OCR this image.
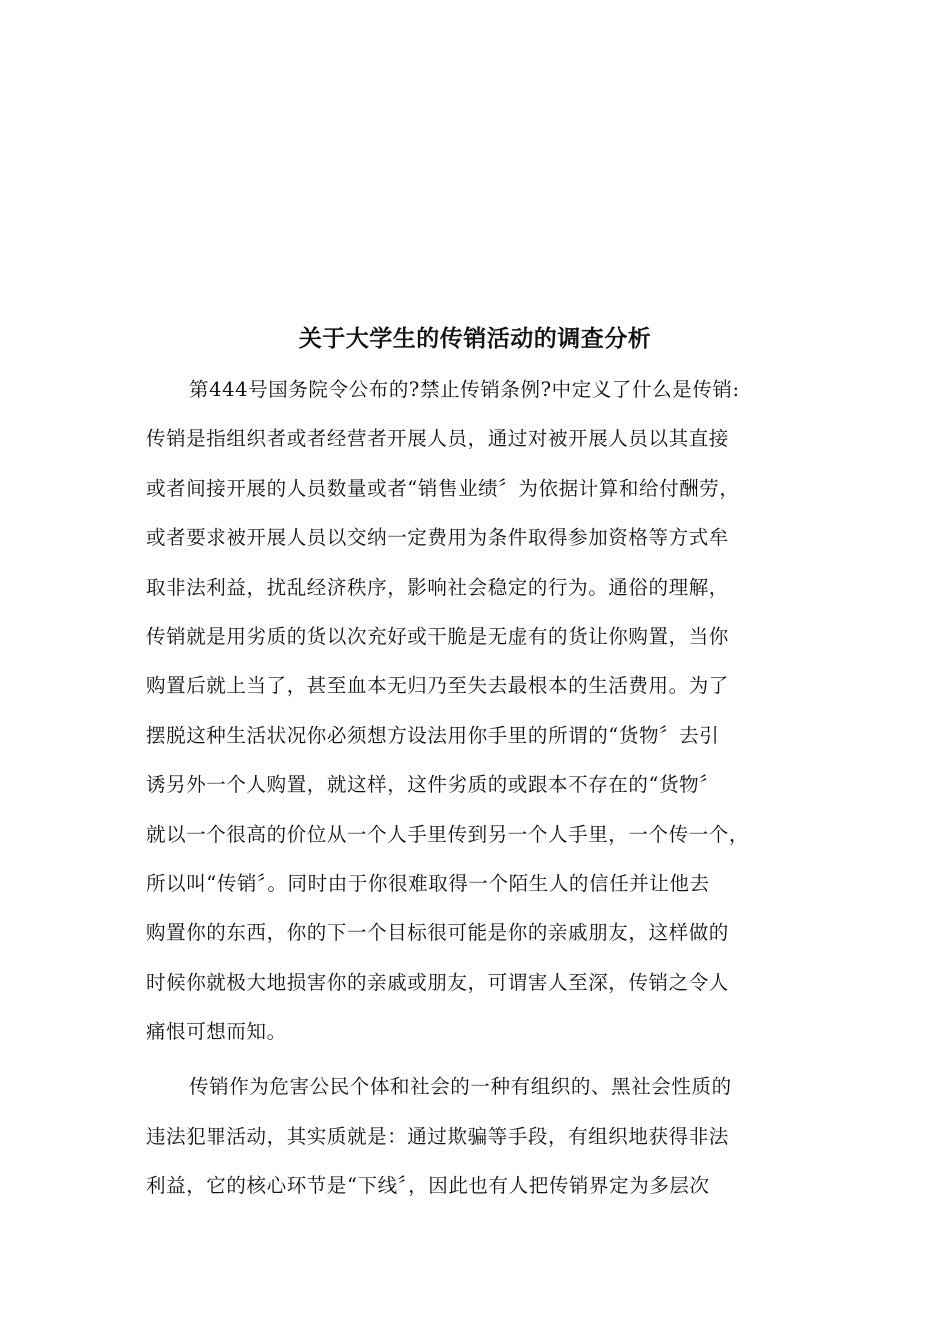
关于大学生的传销活动的调查分析
第444号国务院令公布的?禁止传销条例?中定义了什么是传销:
传销是指组织者或者经营者开展人员，通过对被开展人员以其直接
或者间接开展的人员数量或者“销售业绩〞为依据计算和给付酬劳，
或者要求被开展人员以交纳一定费用为条件取得参加资格等方式牟
取非法利益，扰乱经济秩序，影响社会稳定的行为。通俗的理解，
传销就是用劣质的货以次充好或干脆是无虚有的货让你购置，当你
购置后就上当了，甚至血本无归乃至失去最根本的生活费用。为了
摆脱这种生活状况你必须想方设法用你手里的所谓的“货物〞去引
诱另外一个人购置，就这样，这件劣质的或跟本不存在的“货物〞
就以一个很高的价位从一个人手里传到另一个人手里，一个传一个，
所以叫“传销〞。同时由于你很难取得一个陌生人的信任并让他去
购置你的东西，你的下一个目标很可能是你的亲戚朋友，这样做的
时候你就极大地损害你的亲戚或朋友，可谓害人至深，传销之令人
痛恨可想而知。
传销作为危害公民个体和社会的一种有组织的、黑社会性质的
违法犯罪活动，其实质就是：通过欺骗等手段，有组织地获得非法
利益，它的核心环节是“下线〞，因此也有人把传销界定为多层次
